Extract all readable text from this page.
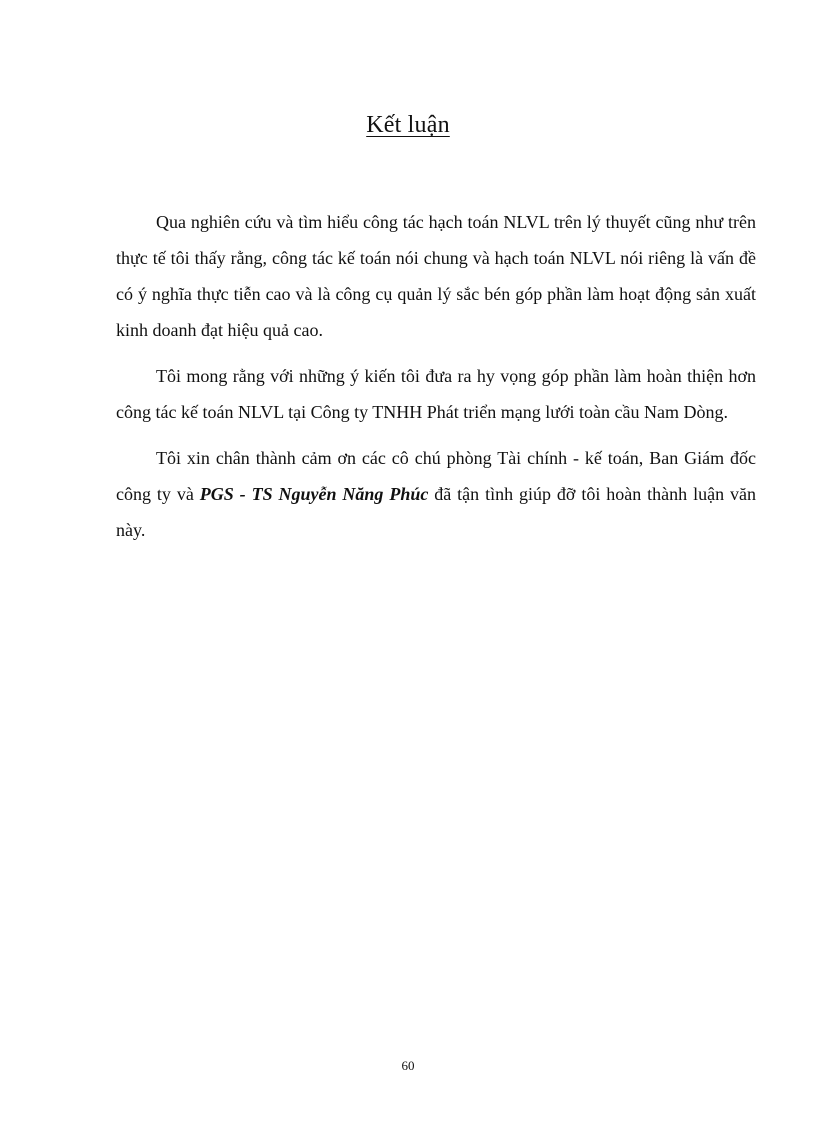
Kết luận

Qua nghiên cứu và tìm hiểu công tác hạch toán NLVL trên lý thuyết cũng như trên thực tế tôi thấy rằng, công tác kế toán nói chung và hạch toán NLVL nói riêng là vấn đề có ý nghĩa thực tiễn cao và là công cụ quản lý sắc bén góp phần làm hoạt động sản xuất kinh doanh đạt hiệu quả cao.

Tôi mong rằng với những ý kiến tôi đưa ra hy vọng góp phần làm hoàn thiện hơn công tác kế toán NLVL tại Công ty TNHH Phát triển mạng lưới toàn cầu Nam Dòng.

Tôi xin chân thành cảm ơn các cô chú phòng Tài chính - kế toán, Ban Giám đốc công ty và PGS - TS Nguyễn Năng Phúc đã tận tình giúp đỡ tôi hoàn thành luận văn này.

60
